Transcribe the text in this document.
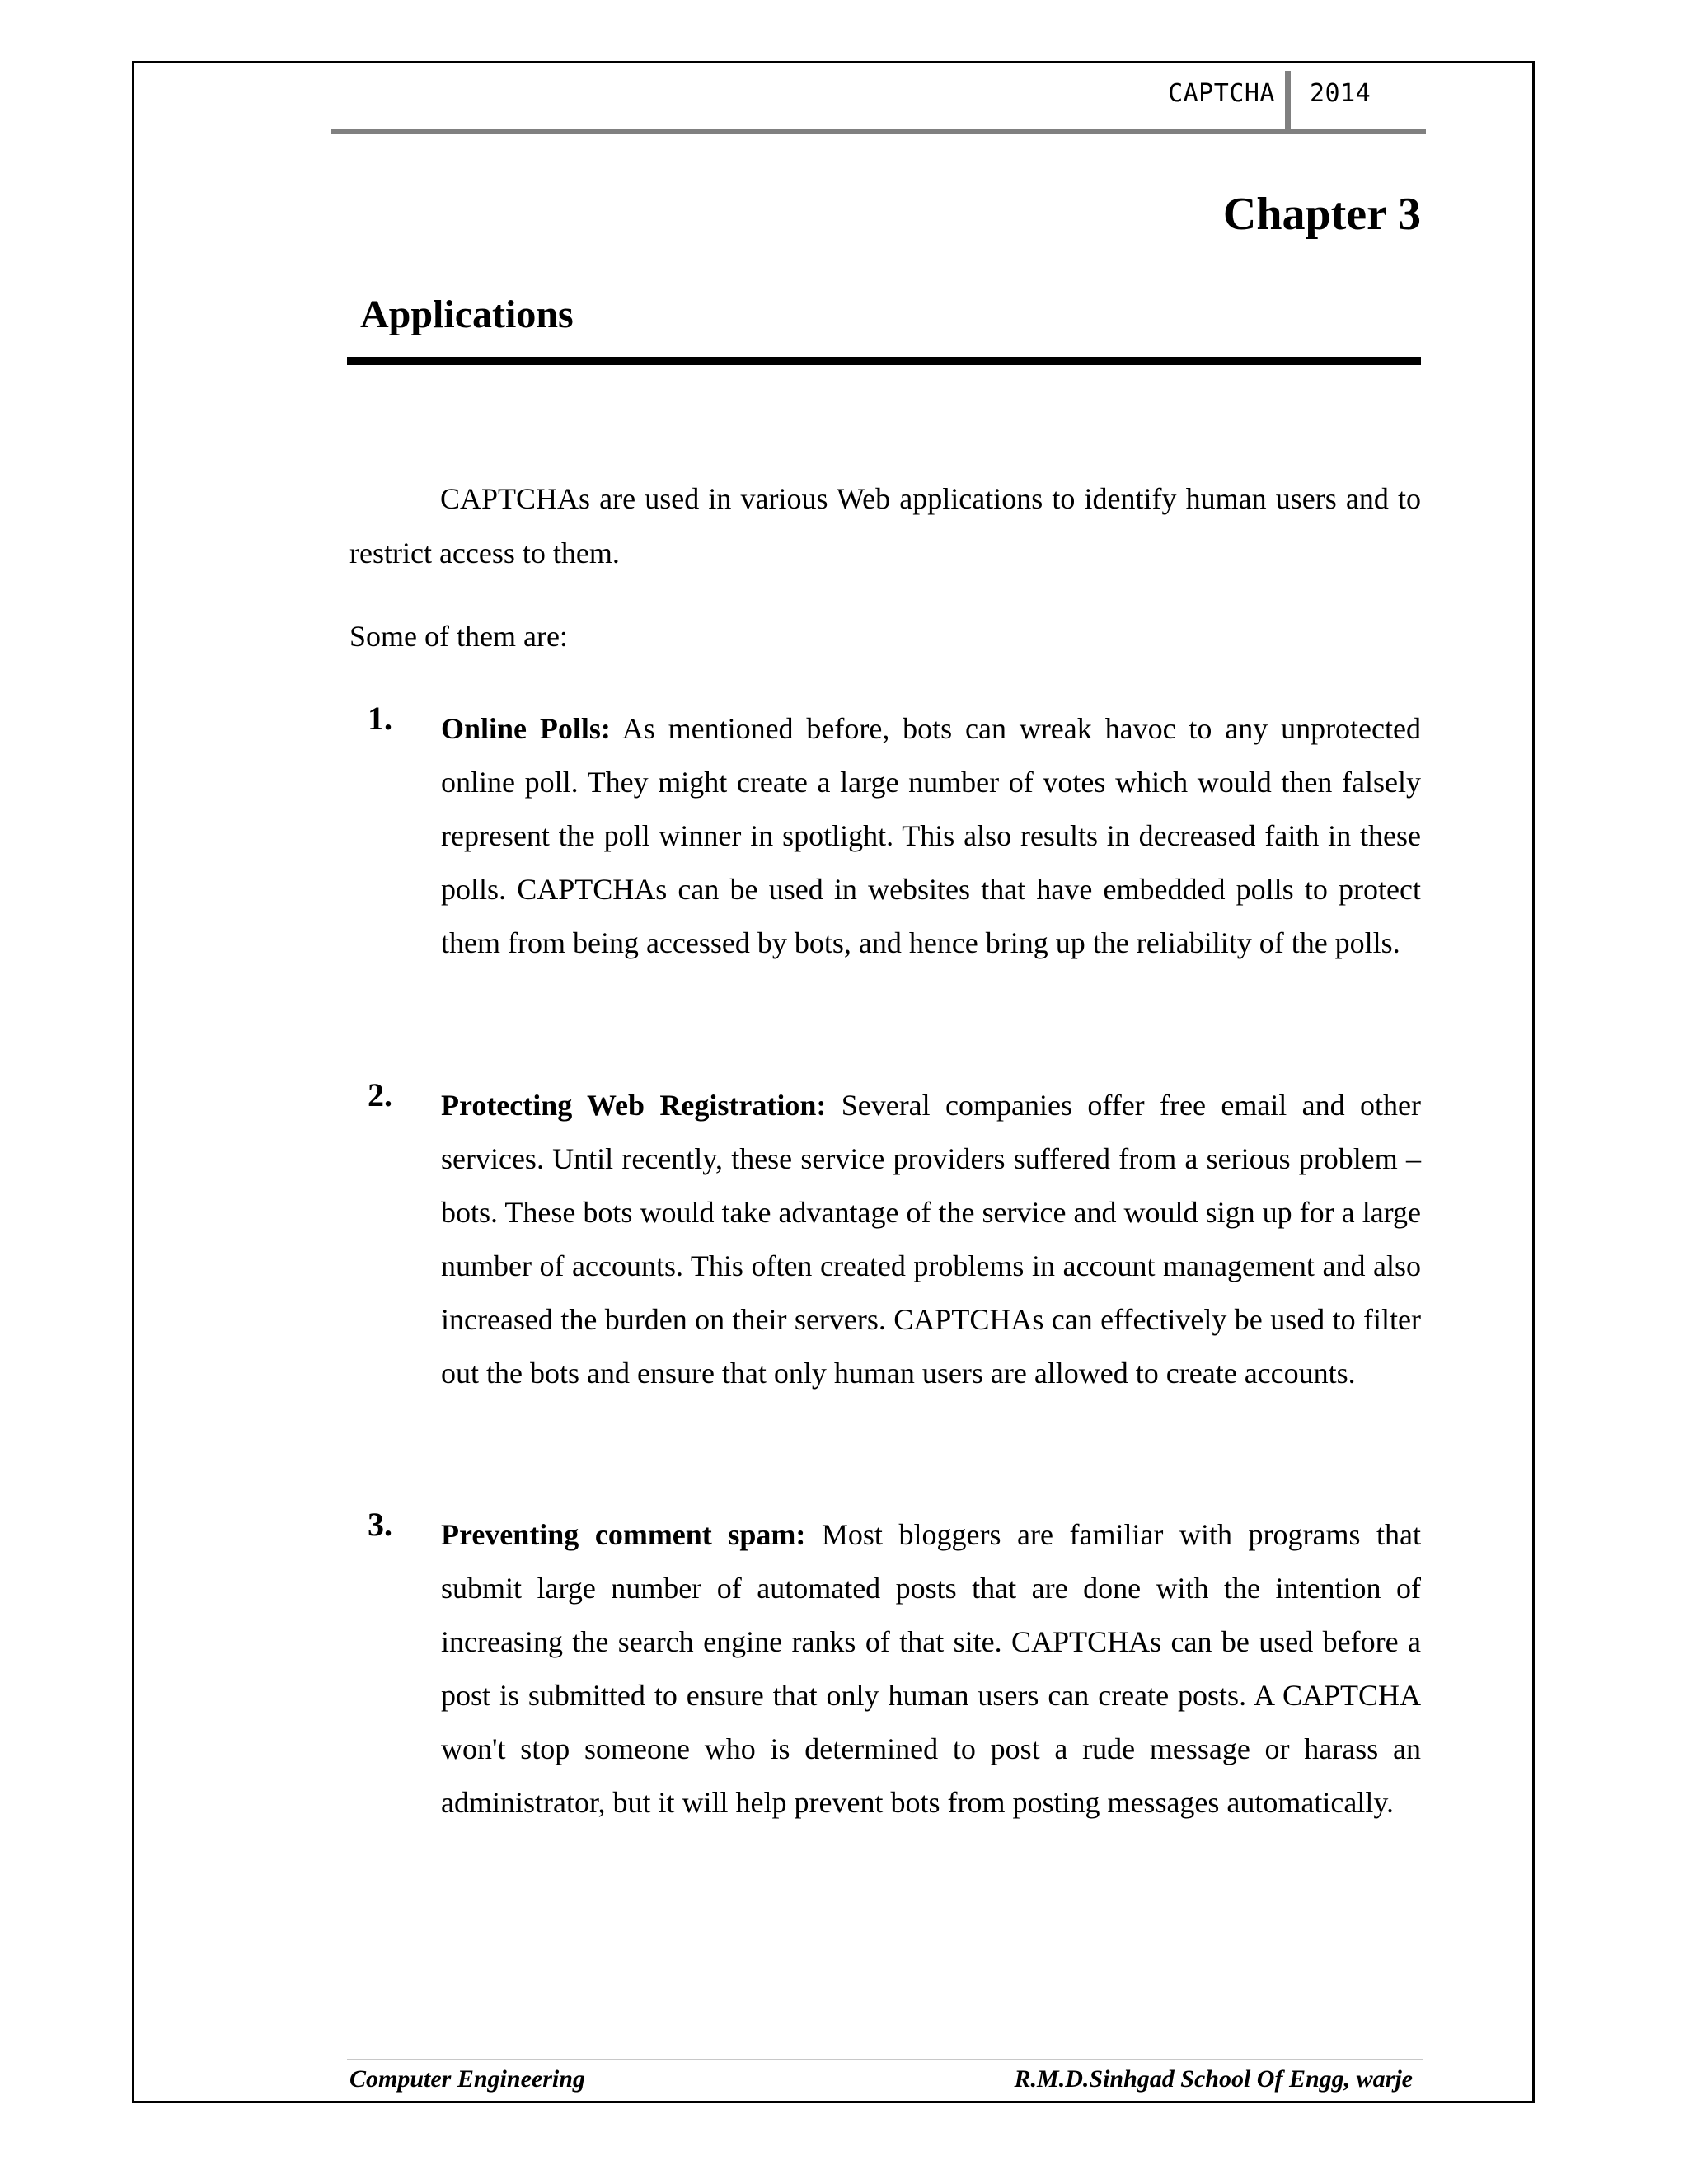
CAPTCHA 2014
Chapter 3
Applications

CAPTCHAs are used in various Web applications to identify human users and to restrict access to them.

Some of them are:

1. Online Polls: As mentioned before, bots can wreak havoc to any unprotected online poll. They might create a large number of votes which would then falsely represent the poll winner in spotlight. This also results in decreased faith in these polls. CAPTCHAs can be used in websites that have embedded polls to protect them from being accessed by bots, and hence bring up the reliability of the polls.

2. Protecting Web Registration: Several companies offer free email and other services. Until recently, these service providers suffered from a serious problem – bots. These bots would take advantage of the service and would sign up for a large number of accounts. This often created problems in account management and also increased the burden on their servers. CAPTCHAs can effectively be used to filter out the bots and ensure that only human users are allowed to create accounts.

3. Preventing comment spam: Most bloggers are familiar with programs that submit large number of automated posts that are done with the intention of increasing the search engine ranks of that site. CAPTCHAs can be used before a post is submitted to ensure that only human users can create posts. A CAPTCHA won't stop someone who is determined to post a rude message or harass an administrator, but it will help prevent bots from posting messages automatically.

Computer Engineering	R.M.D.Sinhgad School Of Engg, warje
